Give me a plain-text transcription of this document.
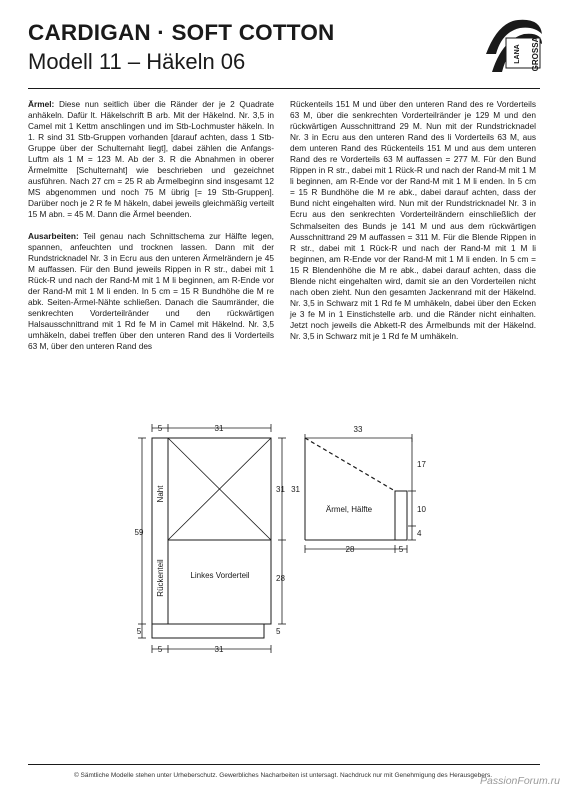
CARDIGAN · SOFT COTTON
Modell 11 – Häkeln 06	LANA GROSSA

Ärmel: Diese nun seitlich über die Ränder der je 2 Quadrate anhäkeln. Dafür lt. Häkelschrift B arb. Mit der Häkelnd. Nr. 3,5 in Camel mit 1 Kettm anschlingen und im Stb-Lochmuster häkeln. In 1. R sind 31 Stb-Gruppen vorhanden [darauf achten, dass 1 Stb-Gruppe über der Schulternaht liegt], dabei zählen die Anfangs-Luftm als 1 M = 123 M. Ab der 3. R die Abnahmen in oberer Ärmelmitte [Schulternaht] wie beschrieben und gezeichnet ausführen. Nach 27 cm = 25 R ab Ärmelbeginn sind insgesamt 12 MS abgenommen und noch 75 M übrig [= 19 Stb-Gruppen]. Darüber noch je 2 R fe M häkeln, dabei jeweils gleichmäßig verteilt 15 M abn. = 45 M. Dann die Ärmel beenden.

Ausarbeiten: Teil genau nach Schnittschema zur Hälfte legen, spannen, anfeuchten und trocknen lassen. Dann mit der Rundstricknadel Nr. 3 in Ecru aus den unteren Ärmelrändern je 45 M auffassen. Für den Bund jeweils Rippen in R str., dabei mit 1 Rück-R und nach der Rand-M mit 1 M li beginnen, am R-Ende vor der Rand-M mit 1 M li enden. In 5 cm = 15 R Bundhöhe die M re abk. Seiten-Ärmel-Nähte schließen. Danach die Saumränder, die senkrechten Vorderteilränder und den rückwärtigen Halsausschnittrand mit 1 Rd fe M in Camel mit Häkelnd. Nr. 3,5 umhäkeln, dabei treffen über den unteren Rand des li Vorderteils 63 M, über den unteren Rand des

Rückenteils 151 M und über den unteren Rand des re Vorderteils 63 M, über die senkrechten Vorderteilränder je 129 M und den rückwärtigen Ausschnittrand 29 M. Nun mit der Rundstricknadel Nr. 3 in Ecru aus den unteren Rand des li Vorderteils 63 M, aus dem unteren Rand des Rückenteils 151 M und aus dem unteren Rand des re Vorderteils 63 M auffassen = 277 M. Für den Bund Rippen in R str., dabei mit 1 Rück-R und nach der Rand-M mit 1 M li beginnen, am R-Ende vor der Rand-M mit 1 M li enden. In 5 cm = 15 R Bundhöhe die M re abk., dabei darauf achten, dass der Bund nicht eingehalten wird. Nun mit der Rundstricknadel Nr. 3 in Ecru aus den senkrechten Vorderteilrändern einschließlich der Schmalseiten des Bunds je 141 M und aus dem rückwärtigen Ausschnittrand 29 M auffassen = 311 M. Für die Blende Rippen in R str., dabei mit 1 Rück-R und nach der Rand-M mit 1 M li beginnen, am R-Ende vor der Rand-M mit 1 M li enden. In 5 cm = 15 R Blendenhöhe die M re abk., dabei darauf achten, dass die Blende nicht eingehalten wird, damit sie an den Vorderteilen nicht nach oben zieht. Nun den gesamten Jackenrand mit der Häkelnd. Nr. 3,5 in Schwarz mit 1 Rd fe M umhäkeln, dabei über den Ecken je 3 fe M in 1 Einstichstelle arb. und die Ränder nicht einhalten. Jetzt noch jeweils die Abkett-R des Ärmelbunds mit der Häkelnd. Nr. 3,5 in Schwarz mit je 1 Rd fe M umhäkeln.

5	31
Naht	31
59
Rückenteil	Linkes Vorderteil	28
5	5
5	31
33
17
31
Ärmel, Hälfte	10
4
28	5
© Sämtliche Modelle stehen unter Urheberschutz. Gewerbliches Nacharbeiten ist untersagt. Nachdruck nur mit Genehmigung des Herausgebers.
PassionForum.ru
